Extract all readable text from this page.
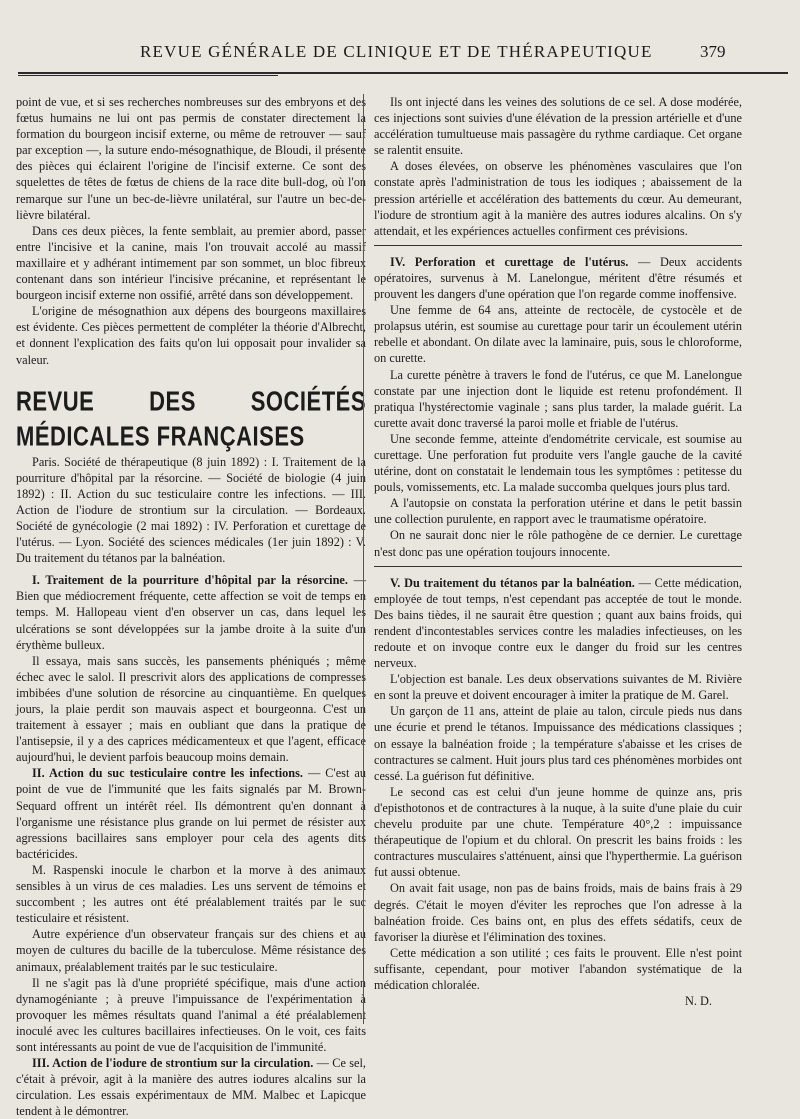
REVUE GÉNÉRALE DE CLINIQUE ET DE THÉRAPEUTIQUE	379

point de vue, et si ses recherches nombreuses sur des embryons et des fœtus humains ne lui ont pas permis de constater directement la formation du bourgeon incisif externe, ou même de retrouver — sauf par exception —, la suture endo-mésognathique, de Bloudi, il présente des pièces qui éclairent l'origine de l'incisif externe. Ce sont des squelettes de têtes de fœtus de chiens de la race dite bull-dog, où l'on remarque sur l'une un bec-de-lièvre unilatéral, sur l'autre un bec-de-lièvre bilatéral.

Dans ces deux pièces, la fente semblait, au premier abord, passer entre l'incisive et la canine, mais l'on trouvait accolé au massif maxillaire et y adhérant intimement par son sommet, un bloc fibreux contenant dans son intérieur l'incisive précanine, et représentant le bourgeon incisif externe non ossifié, arrêté dans son développement.

L'origine de mésognathion aux dépens des bourgeons maxillaires est évidente. Ces pièces permettent de compléter la théorie d'Albrecht, et donnent l'explication des faits qu'on lui opposait pour invalider sa valeur.

REVUE DES SOCIÉTÉS MÉDICALES FRANÇAISES

Paris. Société de thérapeutique (8 juin 1892) : I. Traitement de la pourriture d'hôpital par la résorcine. — Société de biologie (4 juin 1892) : II. Action du suc testiculaire contre les infections. — III. Action de l'iodure de strontium sur la circulation. — Bordeaux. Société de gynécologie (2 mai 1892) : IV. Perforation et curettage de l'utérus. — Lyon. Société des sciences médicales (1er juin 1892) : V. Du traitement du tétanos par la balnéation.

I. Traitement de la pourriture d'hôpital par la résorcine. — Bien que médiocrement fréquente, cette affection se voit de temps en temps. M. Hallopeau vient d'en observer un cas, dans lequel les ulcérations se sont développées sur la jambe droite à la suite d'un érythème bulleux.

Il essaya, mais sans succès, les pansements phéniqués ; même échec avec le salol. Il prescrivit alors des applications de compresses imbibées d'une solution de résorcine au cinquantième. En quelques jours, la plaie perdit son mauvais aspect et bourgeonna. C'est un traitement à essayer ; mais en oubliant que dans la pratique de l'antisepsie, il y a des caprices médicamenteux et que l'agent, efficace aujourd'hui, le devient parfois beaucoup moins demain.

II. Action du suc testiculaire contre les infections. — C'est au point de vue de l'immunité que les faits signalés par M. Brown-Sequard offrent un intérêt réel. Ils démontrent qu'en donnant à l'organisme une résistance plus grande on lui permet de résister aux agressions bacillaires sans employer pour cela des agents dits bactéricides.

M. Raspenski inocule le charbon et la morve à des animaux sensibles à un virus de ces maladies. Les uns servent de témoins et succombent ; les autres ont été préalablement traités par le suc testiculaire et résistent.

Autre expérience d'un observateur français sur des chiens et au moyen de cultures du bacille de la tuberculose. Même résistance des animaux, préalablement traités par le suc testiculaire.

Il ne s'agit pas là d'une propriété spécifique, mais d'une action dynamogéniante ; à preuve l'impuissance de l'expérimentation à provoquer les mêmes résultats quand l'animal a été préalablement inoculé avec les cultures bacillaires infectieuses. On le voit, ces faits sont intéressants au point de vue de l'acquisition de l'immunité.

III. Action de l'iodure de strontium sur la circulation. — Ce sel, c'était à prévoir, agit à la manière des autres iodures alcalins sur la circulation. Les essais expérimentaux de MM. Malbec et Lapicque tendent à le démontrer.

Ils ont injecté dans les veines des solutions de ce sel. A dose modérée, ces injections sont suivies d'une élévation de la pression artérielle et d'une accélération tumultueuse mais passagère du rythme cardiaque. Cet organe se ralentit ensuite.

A doses élevées, on observe les phénomènes vasculaires que l'on constate après l'administration de tous les iodiques ; abaissement de la pression artérielle et accélération des battements du cœur. Au demeurant, l'iodure de strontium agit à la manière des autres iodures alcalins. On s'y attendait, et les expériences actuelles confirment ces prévisions.

IV. Perforation et curettage de l'utérus. — Deux accidents opératoires, survenus à M. Lanelongue, méritent d'être résumés et prouvent les dangers d'une opération que l'on regarde comme inoffensive.

Une femme de 64 ans, atteinte de rectocèle, de cystocèle et de prolapsus utérin, est soumise au curettage pour tarir un écoulement utérin rebelle et abondant. On dilate avec la laminaire, puis, sous le chloroforme, on curette.

La curette pénètre à travers le fond de l'utérus, ce que M. Lanelongue constate par une injection dont le liquide est retenu profondément. Il pratiqua l'hystérectomie vaginale ; sans plus tarder, la malade guérit. La curette avait donc traversé la paroi molle et friable de l'utérus.

Une seconde femme, atteinte d'endométrite cervicale, est soumise au curettage. Une perforation fut produite vers l'angle gauche de la cavité utérine, dont on constatait le lendemain tous les symptômes : petitesse du pouls, vomissements, etc. La malade succomba quelques jours plus tard.

A l'autopsie on constata la perforation utérine et dans le petit bassin une collection purulente, en rapport avec le traumatisme opératoire.

On ne saurait donc nier le rôle pathogène de ce dernier. Le curettage n'est donc pas une opération toujours innocente.

V. Du traitement du tétanos par la balnéation. — Cette médication, employée de tout temps, n'est cependant pas acceptée de tout le monde. Des bains tièdes, il ne saurait être question ; quant aux bains froids, qui rendent d'incontestables services contre les maladies infectieuses, on les redoute et on invoque contre eux le danger du froid sur les centres nerveux.

L'objection est banale. Les deux observations suivantes de M. Rivière en sont la preuve et doivent encourager à imiter la pratique de M. Garel.

Un garçon de 11 ans, atteint de plaie au talon, circule pieds nus dans une écurie et prend le tétanos. Impuissance des médications classiques ; on essaye la balnéation froide ; la température s'abaisse et les crises de contractures se calment. Huit jours plus tard ces phénomènes morbides ont cessé. La guérison fut définitive.

Le second cas est celui d'un jeune homme de quinze ans, pris d'episthotonos et de contractures à la nuque, à la suite d'une plaie du cuir chevelu produite par une chute. Température 40°,2 : impuissance thérapeutique de l'opium et du chloral. On prescrit les bains froids : les contractures musculaires s'atténuent, ainsi que l'hyperthermie. La guérison fut aussi obtenue.

On avait fait usage, non pas de bains froids, mais de bains frais à 29 degrés. C'était le moyen d'éviter les reproches que l'on adresse à la balnéation froide. Ces bains ont, en plus des effets sédatifs, ceux de favoriser la diurèse et l'élimination des toxines.

Cette médication a son utilité ; ces faits le prouvent. Elle n'est point suffisante, cependant, pour motiver l'abandon systématique de la médication chloralée.

N. D.
